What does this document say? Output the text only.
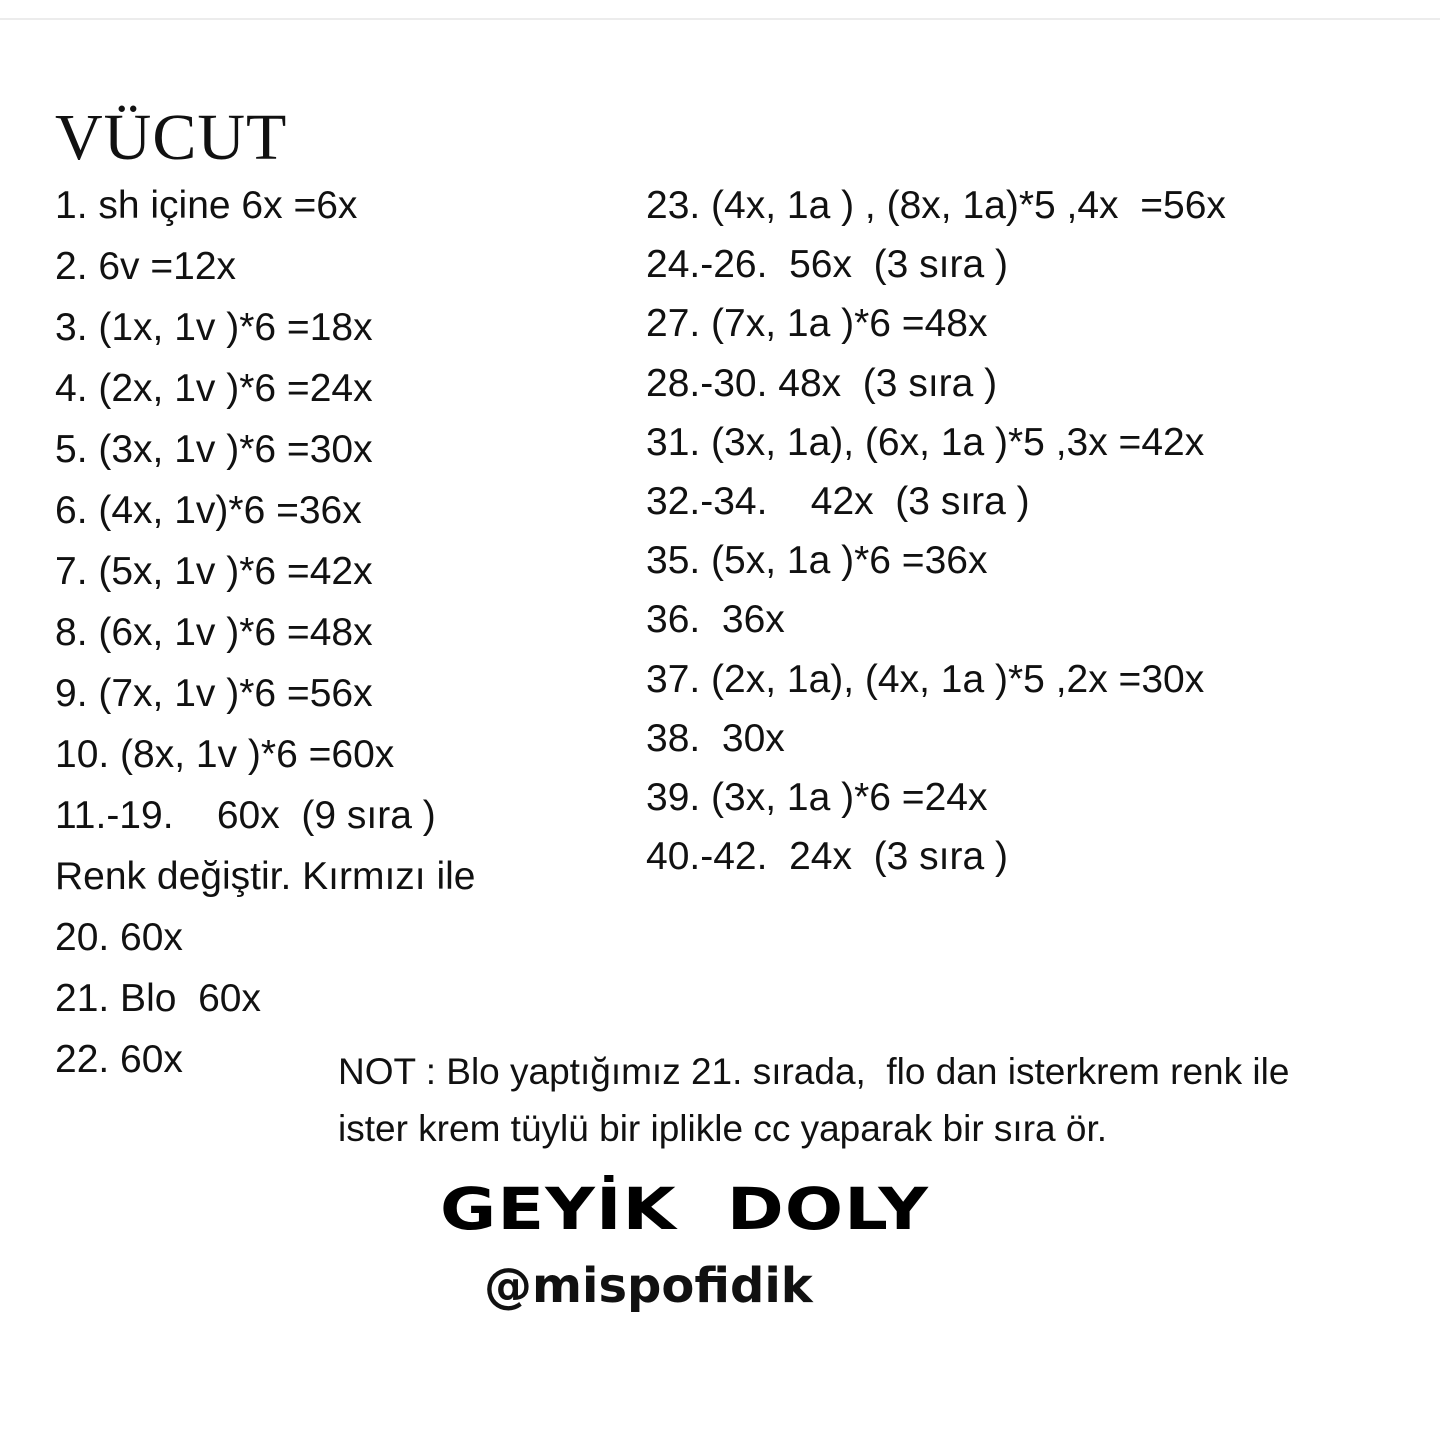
VÜCUT
1. sh içine 6x =6x
2. 6v =12x
3. (1x, 1v )*6 =18x
4. (2x, 1v )*6 =24x
5. (3x, 1v )*6 =30x
6. (4x, 1v)*6 =36x
7. (5x, 1v )*6 =42x
8. (6x, 1v )*6 =48x
9. (7x, 1v )*6 =56x
10. (8x, 1v )*6 =60x
11.-19.    60x  (9 sıra )
Renk değiştir. Kırmızı ile
20. 60x
21. Blo  60x
22. 60x
23. (4x, 1a ) , (8x, 1a)*5 ,4x  =56x
24.-26.  56x  (3 sıra )
27. (7x, 1a )*6 =48x
28.-30. 48x  (3 sıra )
31. (3x, 1a), (6x, 1a )*5 ,3x =42x
32.-34.    42x  (3 sıra )
35. (5x, 1a )*6 =36x
36.  36x
37. (2x, 1a), (4x, 1a )*5 ,2x =30x
38.  30x
39. (3x, 1a )*6 =24x
40.-42.  24x  (3 sıra )
NOT : Blo yaptığımız 21. sırada,  flo dan isterkrem renk ile
ister krem tüylü bir iplikle cc yaparak bir sıra ör.
GEYİK  DOLY
@mispofidik
